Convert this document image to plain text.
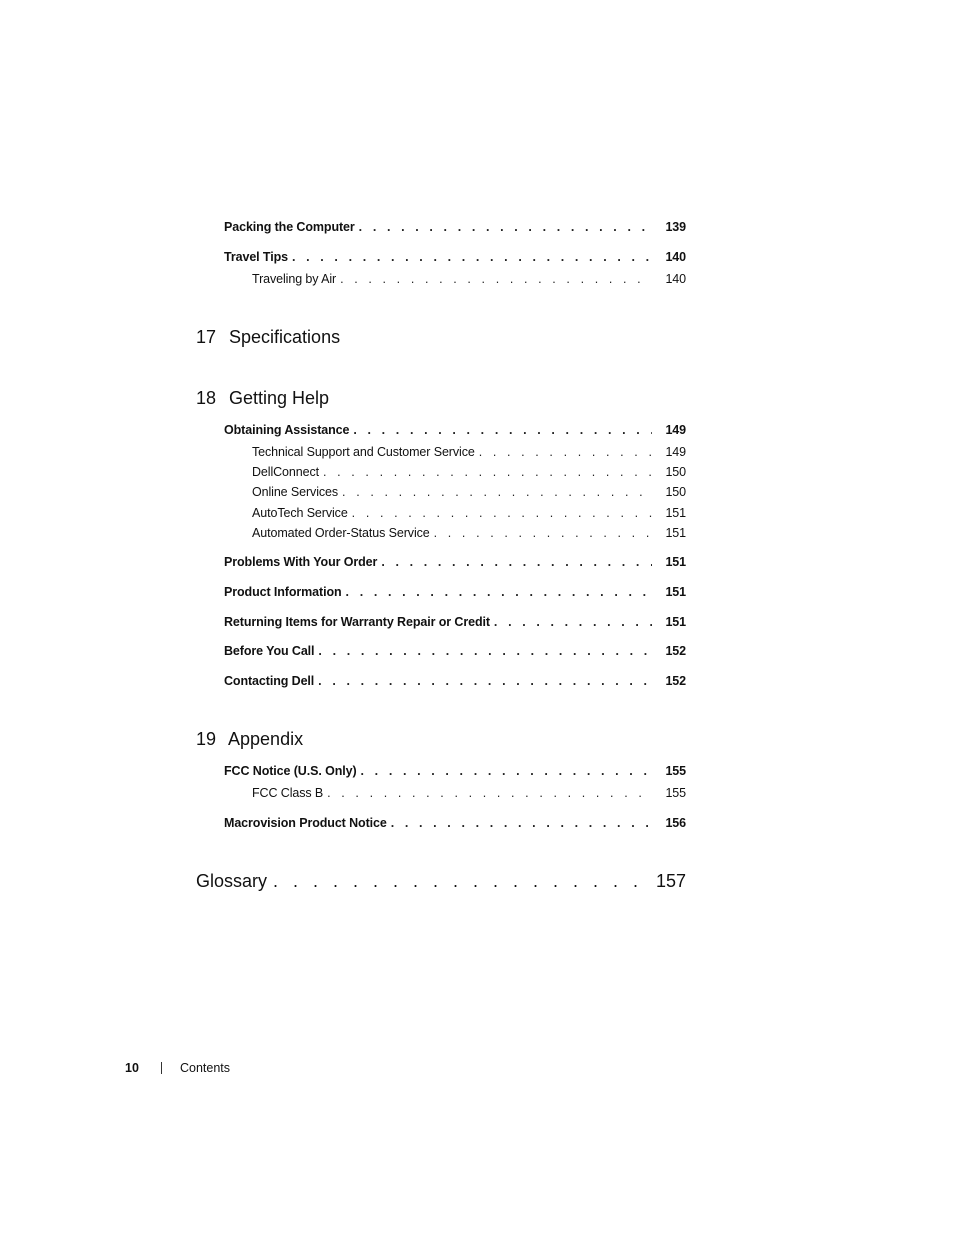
Packing the Computer . . .	139
Travel Tips . . .	140
Traveling by Air . . .	140
17 Specifications
18 Getting Help
Obtaining Assistance . . .	149
Technical Support and Customer Service . . .	149
DellConnect . . .	150
Online Services . . .	150
AutoTech Service . . .	151
Automated Order-Status Service . . .	151
Problems With Your Order . . .	151
Product Information . . .	151
Returning Items for Warranty Repair or Credit . . .	151
Before You Call . . .	152
Contacting Dell . . .	152
19 Appendix
FCC Notice (U.S. Only) . . .	155
FCC Class B . . .	155
Macrovision Product Notice . . .	156
Glossary . . .	157
10	Contents
